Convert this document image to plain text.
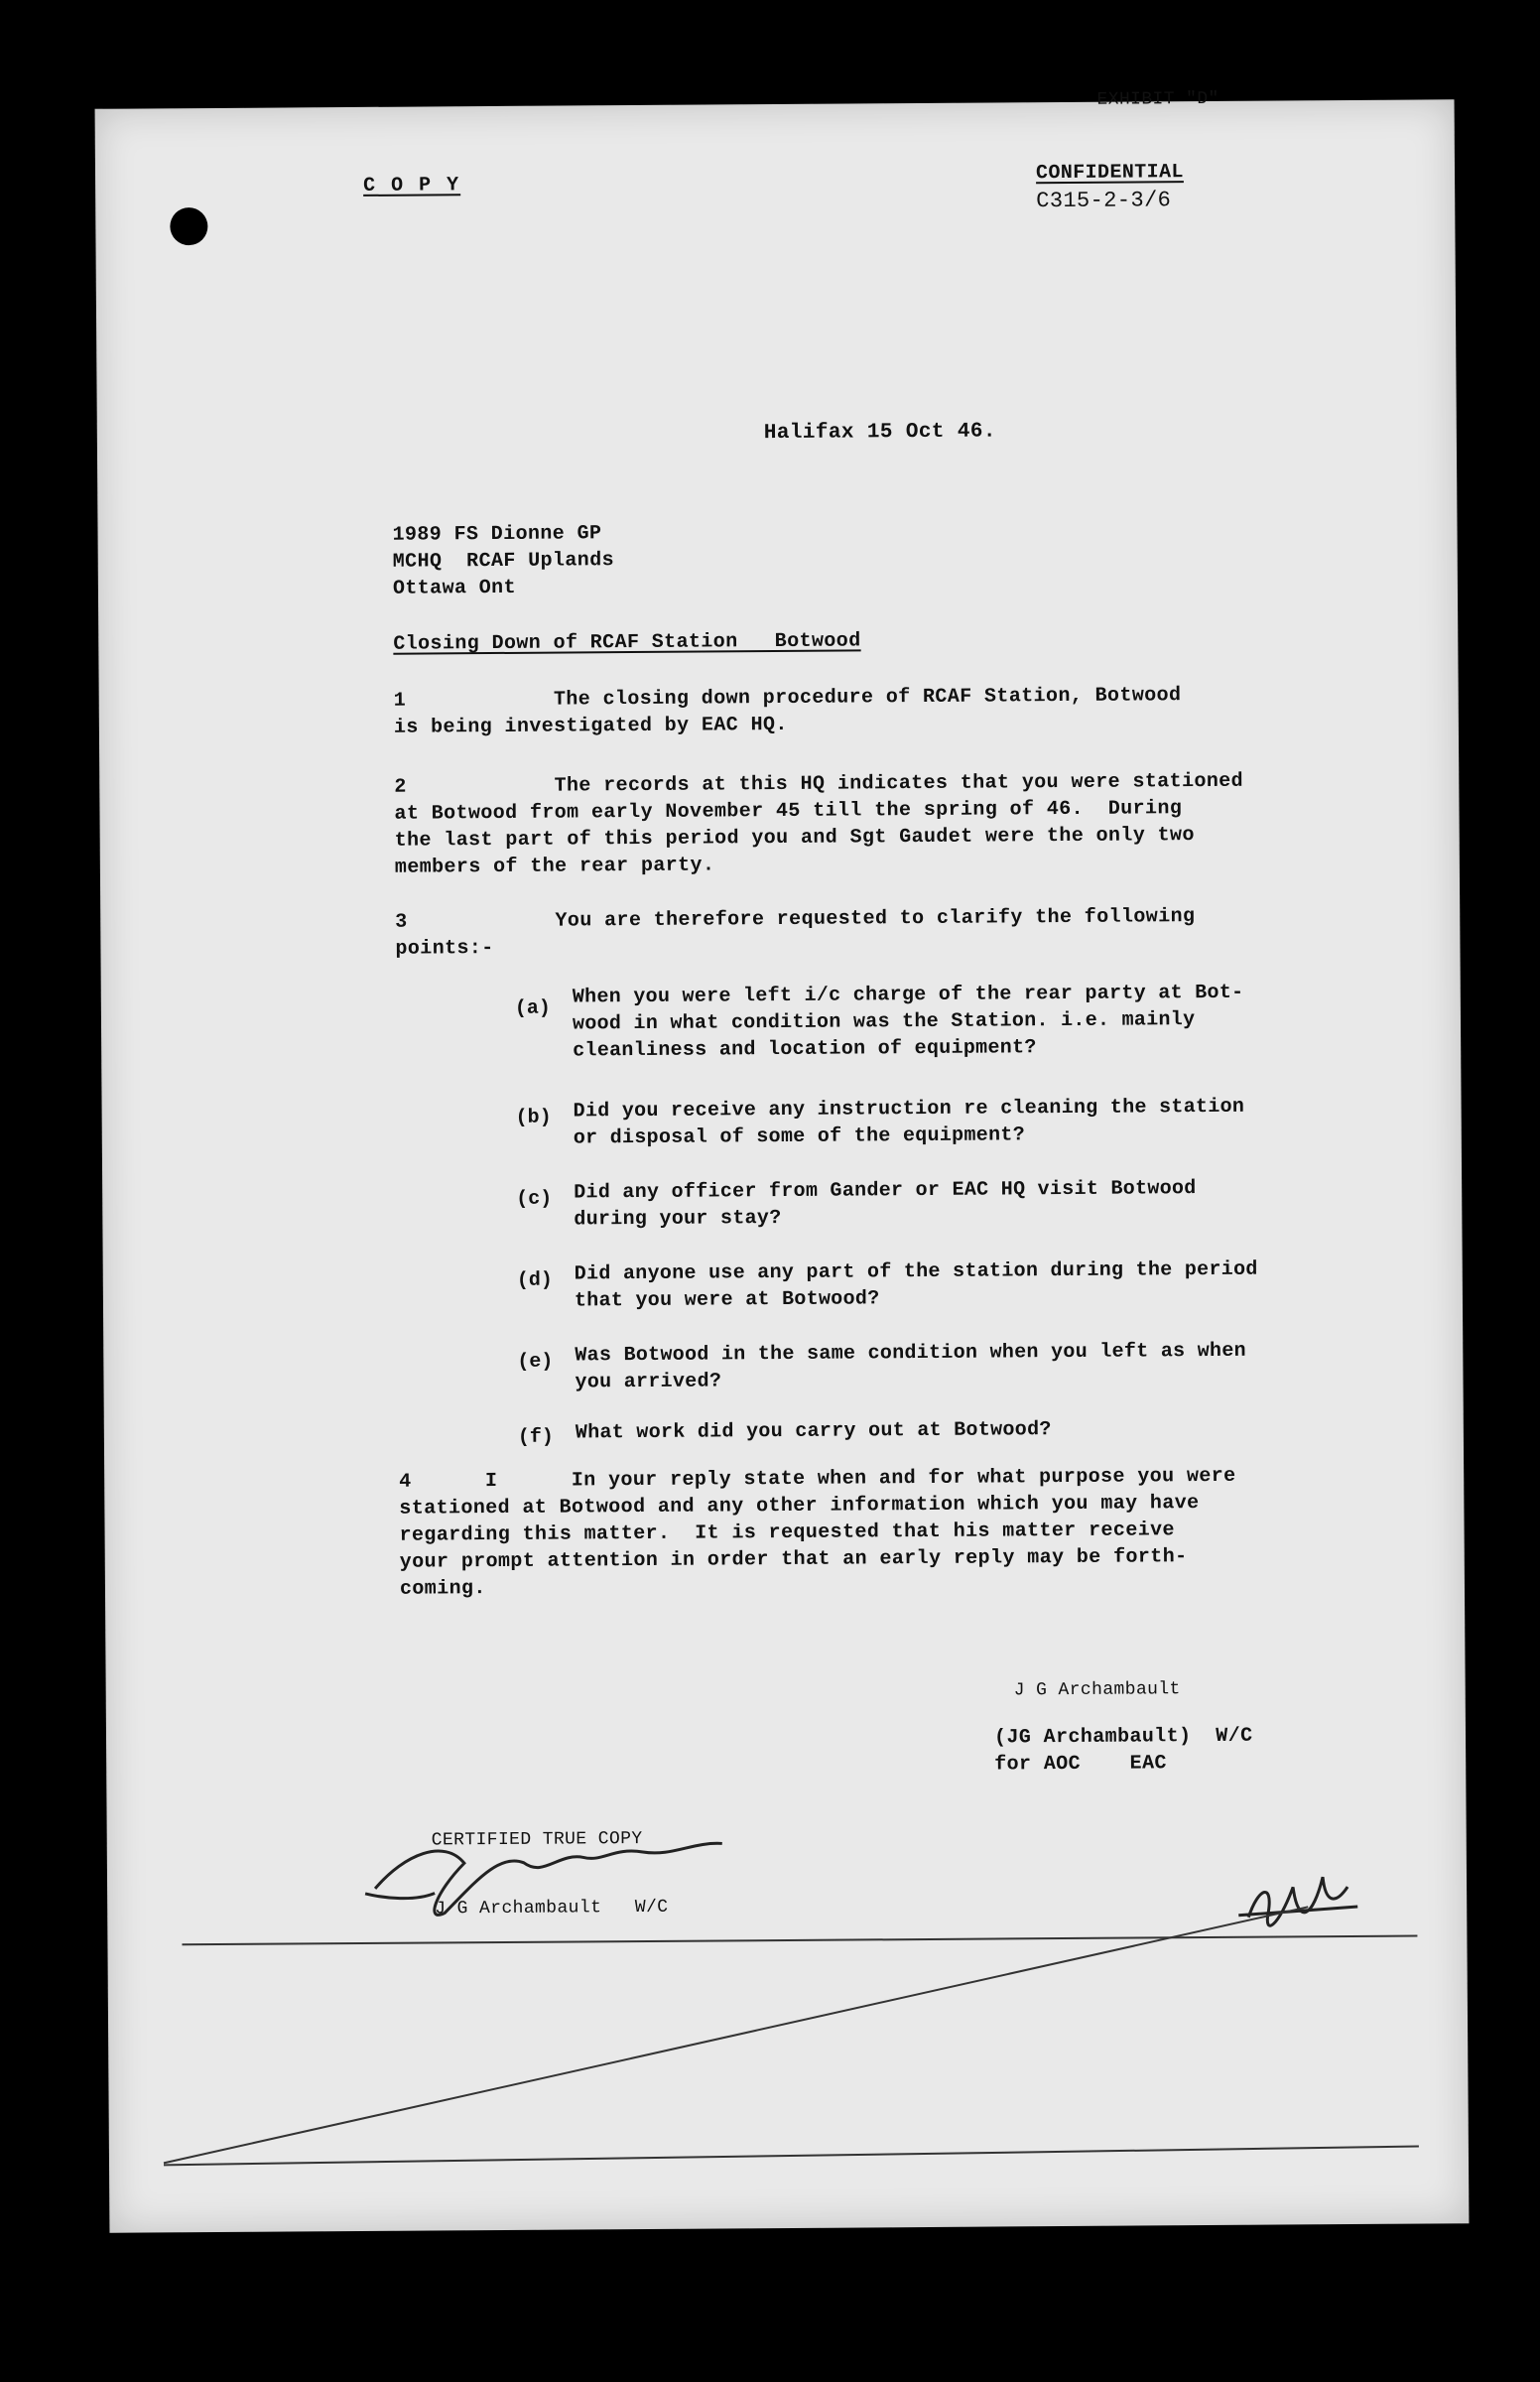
EXHIBIT "D"
C O P Y
CONFIDENTIAL
C315-2-3/6
Halifax 15 Oct 46.
1989 FS Dionne GP
MCHQ  RCAF Uplands
Ottawa Ont
Closing Down of RCAF Station   Botwood
1            The closing down procedure of RCAF Station, Botwood
is being investigated by EAC HQ.
2            The records at this HQ indicates that you were stationed
at Botwood from early November 45 till the spring of 46.  During
the last part of this period you and Sgt Gaudet were the only two
members of the rear party.
3            You are therefore requested to clarify the following
points:-
(a) When you were left i/c charge of the rear party at Bot-
wood in what condition was the Station. i.e. mainly
cleanliness and location of equipment?
(b) Did you receive any instruction re cleaning the station
or disposal of some of the equipment?
(c) Did any officer from Gander or EAC HQ visit Botwood
during your stay?
(d) Did anyone use any part of the station during the period
that you were at Botwood?
(e) Was Botwood in the same condition when you left as when
you arrived?
(f) What work did you carry out at Botwood?
4      I      In your reply state when and for what purpose you were
stationed at Botwood and any other information which you may have
regarding this matter.  It is requested that his matter receive
your prompt attention in order that an early reply may be forth-
coming.
J G Archambault
(JG Archambault)  W/C
for AOC    EAC
CERTIFIED TRUE COPY
J G Archambault   W/C
